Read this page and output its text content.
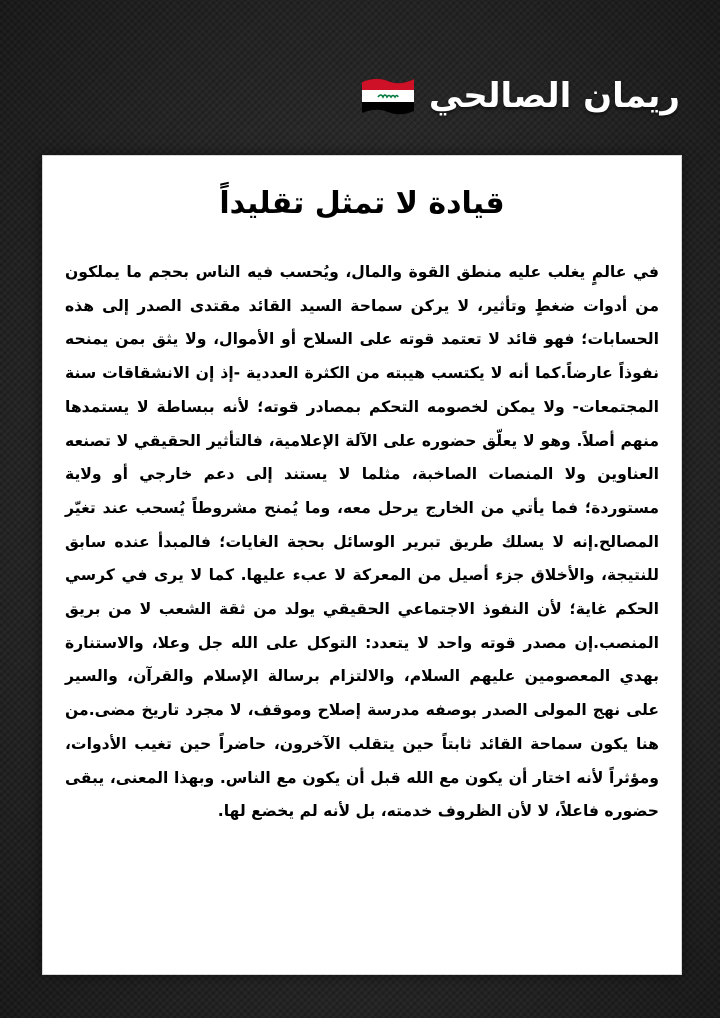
ريمان الصالحي
قيادة لا تمثل تقليداً

في عالمٍ يغلب عليه منطق القوة والمال، ويُحسب فيه الناس بحجم ما يملكون من أدوات ضغطٍ وتأثير، لا يركن سماحة السيد القائد مقتدى الصدر إلى هذه الحسابات؛ فهو قائد لا تعتمد قوته على السلاح أو الأموال، ولا يثق بمن يمنحه نفوذاً عارضاً.كما أنه لا يكتسب هيبته من الكثرة العددية -إذ إن الانشقاقات سنة المجتمعات- ولا يمكن لخصومه التحكم بمصادر قوته؛ لأنه ببساطة لا يستمدها منهم أصلاً. وهو لا يعلّق حضوره على الآلة الإعلامية، فالتأثير الحقيقي لا تصنعه العناوين ولا المنصات الصاخبة، مثلما لا يستند إلى دعم خارجي أو ولاية مستوردة؛ فما يأتي من الخارج يرحل معه، وما يُمنح مشروطاً يُسحب عند تغيّر المصالح.إنه لا يسلك طريق تبرير الوسائل بحجة الغايات؛ فالمبدأ عنده سابق للنتيجة، والأخلاق جزء أصيل من المعركة لا عبء عليها. كما لا يرى في كرسي الحكم غاية؛ لأن النفوذ الاجتماعي الحقيقي يولد من ثقة الشعب لا من بريق المنصب.إن مصدر قوته واحد لا يتعدد: التوكل على الله جل وعلا، والاستنارة بهدي المعصومين عليهم السلام، والالتزام برسالة الإسلام والقرآن، والسير على نهج المولى الصدر بوصفه مدرسة إصلاح وموقف، لا مجرد تاريخ مضى.من هنا يكون سماحة القائد ثابتاً حين يتقلب الآخرون، حاضراً حين تغيب الأدوات، ومؤثراً لأنه اختار أن يكون مع الله قبل أن يكون مع الناس. وبهذا المعنى، يبقى حضوره فاعلاً، لا لأن الظروف خدمته، بل لأنه لم يخضع لها.
